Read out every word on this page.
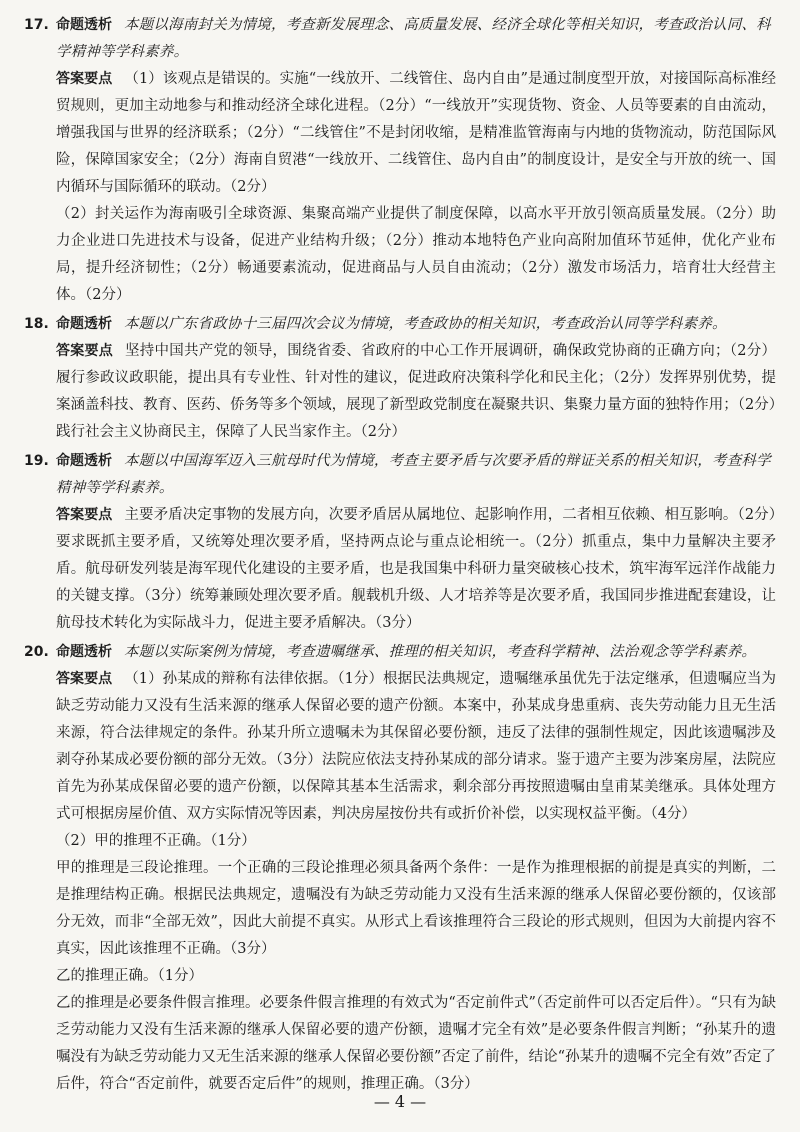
17. 命题透析 本题以海南封关为情境，考查新发展理念、高质量发展、经济全球化等相关知识，考查政治认同、科学精神等学科素养。

答案要点 （1）该观点是错误的。实施“一线放开、二线管住、岛内自由”是通过制度型开放，对接国际高标准经贸规则，更加主动地参与和推动经济全球化进程。（2分）“一线放开”实现货物、资金、人员等要素的自由流动，增强我国与世界的经济联系；（2分）“二线管住”不是封闭收缩，是精准监管海南与内地的货物流动，防范国际风险，保障国家安全；（2分）海南自贸港“一线放开、二线管住、岛内自由”的制度设计，是安全与开放的统一、国内循环与国际循环的联动。（2分）

（2）封关运作为海南吸引全球资源、集聚高端产业提供了制度保障，以高水平开放引领高质量发展。（2分）助力企业进口先进技术与设备，促进产业结构升级；（2分）推动本地特色产业向高附加值环节延伸，优化产业布局，提升经济韧性；（2分）畅通要素流动，促进商品与人员自由流动；（2分）激发市场活力，培育壮大经营主体。（2分）

18. 命题透析 本题以广东省政协十三届四次会议为情境，考查政协的相关知识，考查政治认同等学科素养。

答案要点 坚持中国共产党的领导，围绕省委、省政府的中心工作开展调研，确保政党协商的正确方向；（2分）履行参政议政职能，提出具有专业性、针对性的建议，促进政府决策科学化和民主化；（2分）发挥界别优势，提案涵盖科技、教育、医药、侨务等多个领域，展现了新型政党制度在凝聚共识、集聚力量方面的独特作用；（2分）践行社会主义协商民主，保障了人民当家作主。（2分）

19. 命题透析 本题以中国海军迈入三航母时代为情境，考查主要矛盾与次要矛盾的辩证关系的相关知识，考查科学精神等学科素养。

答案要点 主要矛盾决定事物的发展方向，次要矛盾居从属地位、起影响作用，二者相互依赖、相互影响。（2分）要求既抓主要矛盾，又统筹处理次要矛盾，坚持两点论与重点论相统一。（2分）抓重点，集中力量解决主要矛盾。航母研发列装是海军现代化建设的主要矛盾，也是我国集中科研力量突破核心技术，筑牢海军远洋作战能力的关键支撑。（3分）统筹兼顾处理次要矛盾。舰载机升级、人才培养等是次要矛盾，我国同步推进配套建设，让航母技术转化为实际战斗力，促进主要矛盾解决。（3分）

20. 命题透析 本题以实际案例为情境，考查遗嘱继承、推理的相关知识，考查科学精神、法治观念等学科素养。

答案要点 （1）孙某成的辩称有法律依据。（1分）根据民法典规定，遗嘱继承虽优先于法定继承，但遗嘱应当为缺乏劳动能力又没有生活来源的继承人保留必要的遗产份额。本案中，孙某成身患重病、丧失劳动能力且无生活来源，符合法律规定的条件。孙某升所立遗嘱未为其保留必要份额，违反了法律的强制性规定，因此该遗嘱涉及剥夺孙某成必要份额的部分无效。（3分）法院应依法支持孙某成的部分请求。鉴于遗产主要为涉案房屋，法院应首先为孙某成保留必要的遗产份额，以保障其基本生活需求，剩余部分再按照遗嘱由皇甫某美继承。具体处理方式可根据房屋价值、双方实际情况等因素，判决房屋按份共有或折价补偿，以实现权益平衡。（4分）

（2）甲的推理不正确。（1分）

甲的推理是三段论推理。一个正确的三段论推理必须具备两个条件：一是作为推理根据的前提是真实的判断，二是推理结构正确。根据民法典规定，遗嘱没有为缺乏劳动能力又没有生活来源的继承人保留必要份额的，仅该部分无效，而非“全部无效”，因此大前提不真实。从形式上看该推理符合三段论的形式规则，但因为大前提内容不真实，因此该推理不正确。（3分）

乙的推理正确。（1分）

乙的推理是必要条件假言推理。必要条件假言推理的有效式为“否定前件式”（否定前件可以否定后件）。“只有为缺乏劳动能力又没有生活来源的继承人保留必要的遗产份额，遗嘱才完全有效”是必要条件假言判断；“孙某升的遗嘱没有为缺乏劳动能力又无生活来源的继承人保留必要份额”否定了前件，结论“孙某升的遗嘱不完全有效”否定了后件，符合“否定前件，就要否定后件”的规则，推理正确。（3分）

— 4 —
